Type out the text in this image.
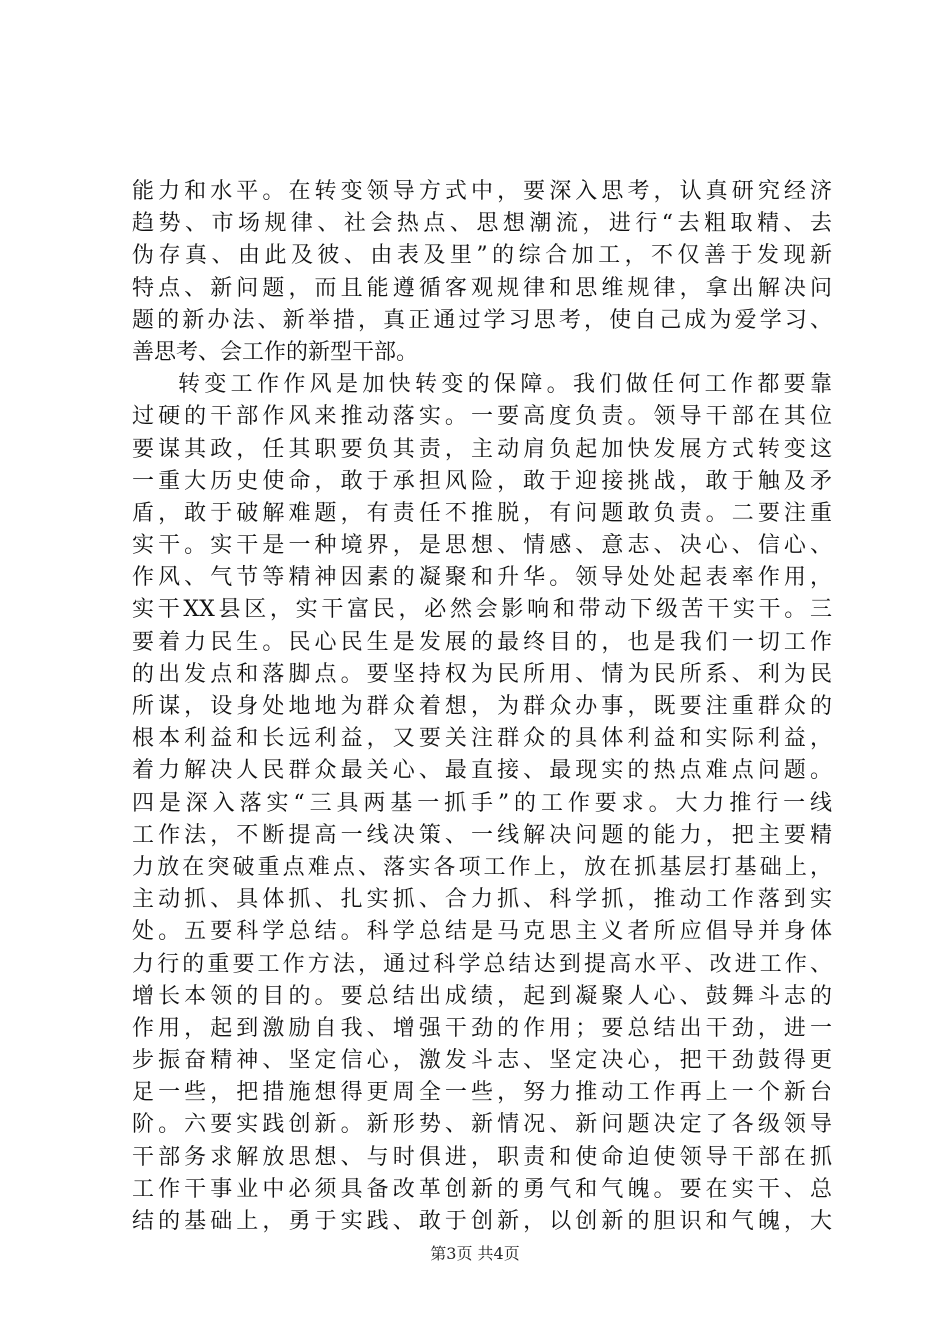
能力和水平。在转变领导方式中，要深入思考，认真研究经济
趋势、市场规律、社会热点、思想潮流，进行“去粗取精、去
伪存真、由此及彼、由表及里”的综合加工，不仅善于发现新
特点、新问题，而且能遵循客观规律和思维规律，拿出解决问
题的新办法、新举措，真正通过学习思考，使自己成为爱学习、
善思考、会工作的新型干部。
转变工作作风是加快转变的保障。我们做任何工作都要靠
过硬的干部作风来推动落实。一要高度负责。领导干部在其位
要谋其政，任其职要负其责，主动肩负起加快发展方式转变这
一重大历史使命，敢于承担风险，敢于迎接挑战，敢于触及矛
盾，敢于破解难题，有责任不推脱，有问题敢负责。二要注重
实干。实干是一种境界，是思想、情感、意志、决心、信心、
作风、气节等精神因素的凝聚和升华。领导处处起表率作用，
实干XX县区，实干富民，必然会影响和带动下级苦干实干。三
要着力民生。民心民生是发展的最终目的，也是我们一切工作
的出发点和落脚点。要坚持权为民所用、情为民所系、利为民
所谋，设身处地地为群众着想，为群众办事，既要注重群众的
根本利益和长远利益，又要关注群众的具体利益和实际利益，
着力解决人民群众最关心、最直接、最现实的热点难点问题。
四是深入落实“三具两基一抓手”的工作要求。大力推行一线
工作法，不断提高一线决策、一线解决问题的能力，把主要精
力放在突破重点难点、落实各项工作上，放在抓基层打基础上，
主动抓、具体抓、扎实抓、合力抓、科学抓，推动工作落到实
处。五要科学总结。科学总结是马克思主义者所应倡导并身体
力行的重要工作方法，通过科学总结达到提高水平、改进工作、
增长本领的目的。要总结出成绩，起到凝聚人心、鼓舞斗志的
作用，起到激励自我、增强干劲的作用；要总结出干劲，进一
步振奋精神、坚定信心，激发斗志、坚定决心，把干劲鼓得更
足一些，把措施想得更周全一些，努力推动工作再上一个新台
阶。六要实践创新。新形势、新情况、新问题决定了各级领导
干部务求解放思想、与时俱进，职责和使命迫使领导干部在抓
工作干事业中必须具备改革创新的勇气和气魄。要在实干、总
结的基础上，勇于实践、敢于创新，以创新的胆识和气魄，大
第3页 共4页
